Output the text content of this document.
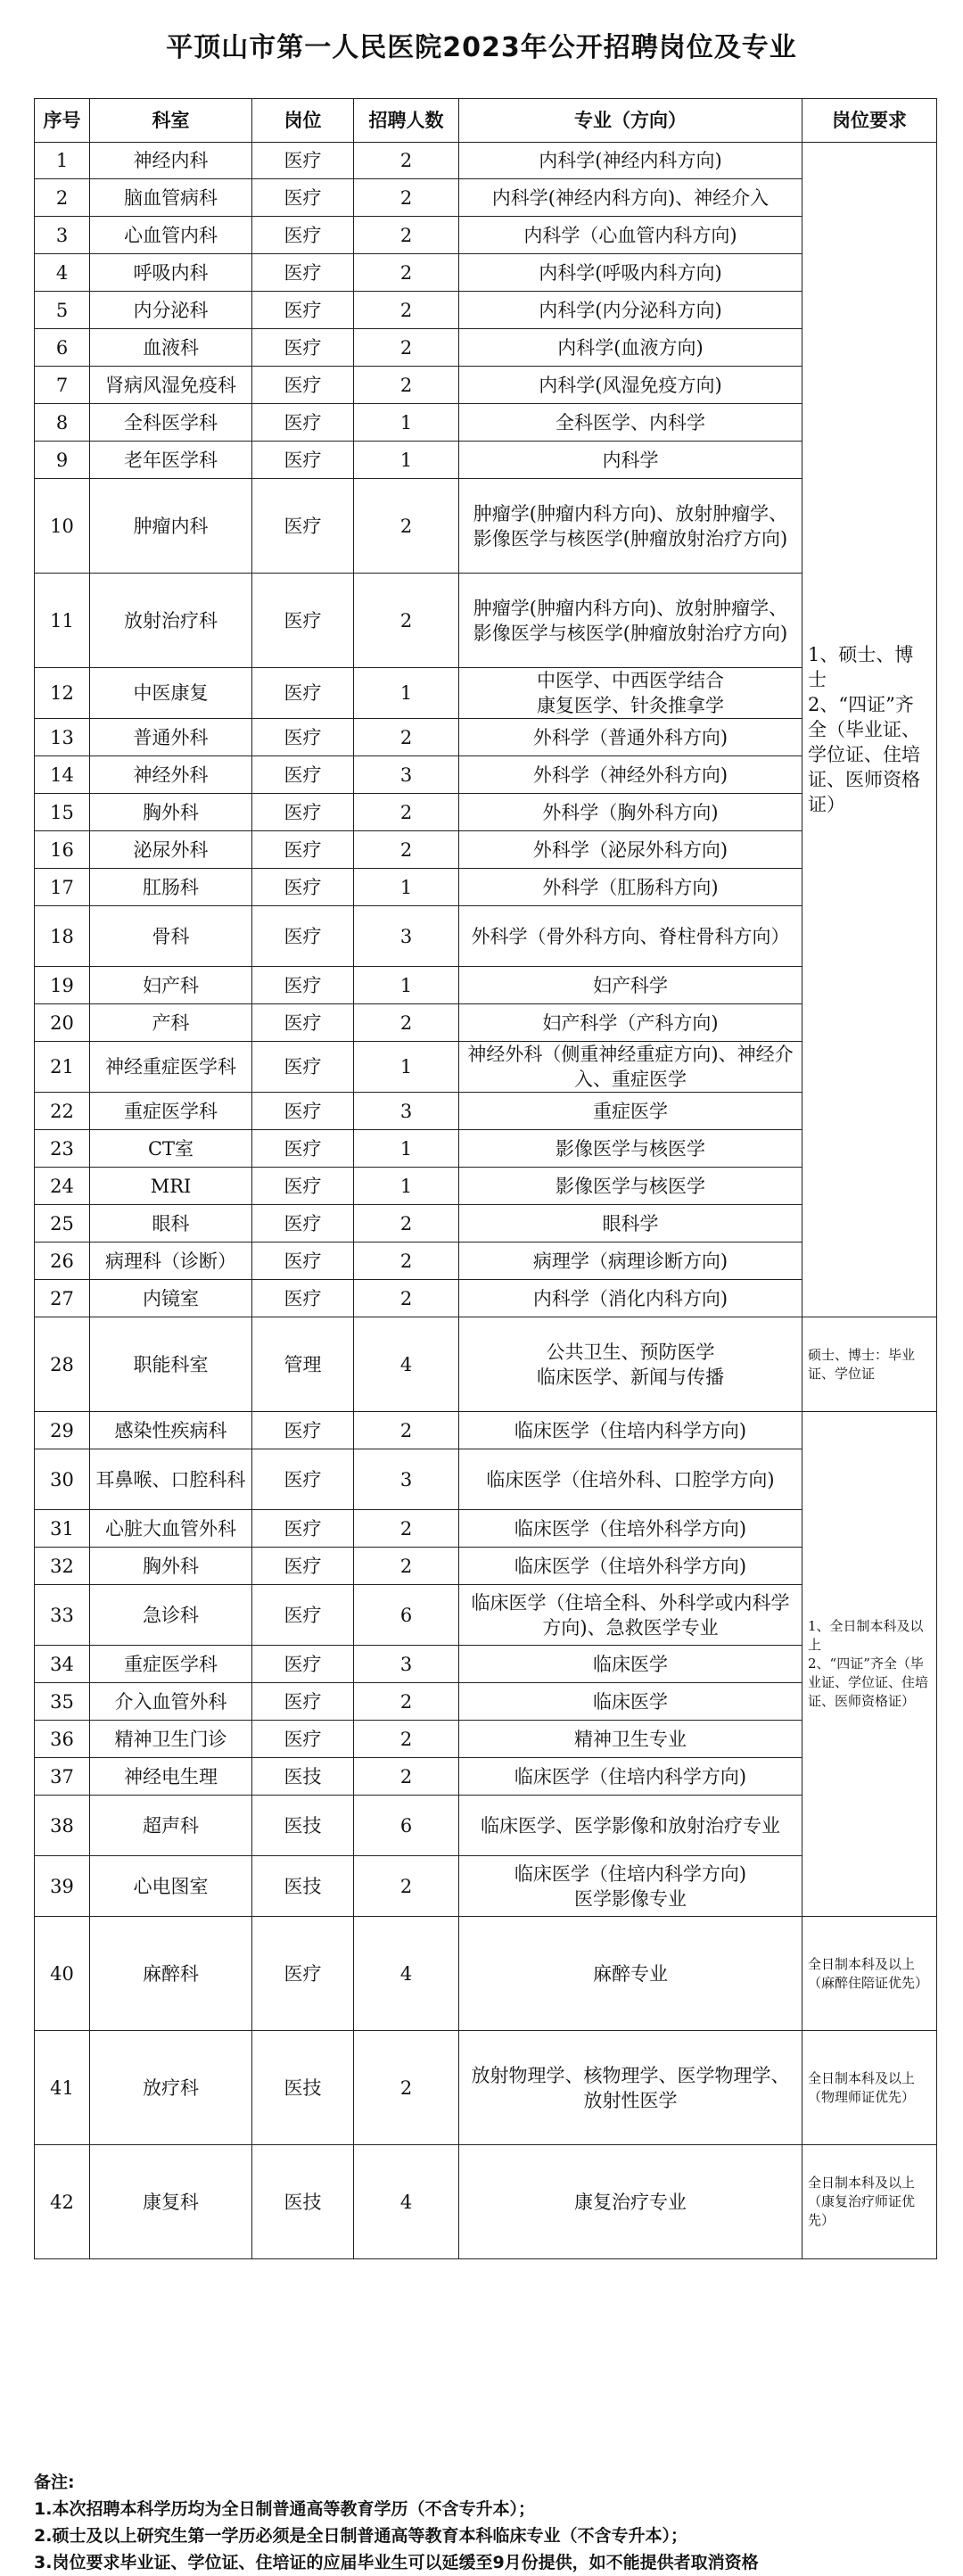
平顶山市第一人民医院2023年公开招聘岗位及专业
序号	科室	岗位	招聘人数	专业（方向）	岗位要求
1	神经内科	医疗	2	内科学(神经内科方向)	1、硕士、博士
2、“四证”齐全（毕业证、学位证、住培证、医师资格证）
2	脑血管病科	医疗	2	内科学(神经内科方向)、神经介入	
3	心血管内科	医疗	2	内科学（心血管内科方向)	
4	呼吸内科	医疗	2	内科学(呼吸内科方向)	
5	内分泌科	医疗	2	内科学(内分泌科方向)	
6	血液科	医疗	2	内科学(血液方向)	
7	肾病风湿免疫科	医疗	2	内科学(风湿免疫方向)	
8	全科医学科	医疗	1	全科医学、内科学	
9	老年医学科	医疗	1	内科学	
10	肿瘤内科	医疗	2	肿瘤学(肿瘤内科方向)、放射肿瘤学、影像医学与核医学(肿瘤放射治疗方向)	
11	放射治疗科	医疗	2	肿瘤学(肿瘤内科方向)、放射肿瘤学、影像医学与核医学(肿瘤放射治疗方向)	
12	中医康复	医疗	1	中医学、中西医学结合
康复医学、针灸推拿学	
13	普通外科	医疗	2	外科学（普通外科方向)	
14	神经外科	医疗	3	外科学（神经外科方向)	
15	胸外科	医疗	2	外科学（胸外科方向)	
16	泌尿外科	医疗	2	外科学（泌尿外科方向)	
17	肛肠科	医疗	1	外科学（肛肠科方向)	
18	骨科	医疗	3	外科学（骨外科方向、脊柱骨科方向）	
19	妇产科	医疗	1	妇产科学	
20	产科	医疗	2	妇产科学（产科方向)	
21	神经重症医学科	医疗	1	神经外科（侧重神经重症方向)、神经介入、重症医学	
22	重症医学科	医疗	3	重症医学	
23	CT室	医疗	1	影像医学与核医学	
24	MRI	医疗	1	影像医学与核医学	
25	眼科	医疗	2	眼科学	
26	病理科（诊断）	医疗	2	病理学（病理诊断方向)	
27	内镜室	医疗	2	内科学（消化内科方向)	
28	职能科室	管理	4	公共卫生、预防医学
临床医学、新闻与传播	硕士、博士：毕业证、学位证
29	感染性疾病科	医疗	2	临床医学（住培内科学方向)	1、全日制本科及以上
2、“四证”齐全（毕业证、学位证、住培证、医师资格证）
30	耳鼻喉、口腔科科	医疗	3	临床医学（住培外科、口腔学方向)	
31	心脏大血管外科	医疗	2	临床医学（住培外科学方向)	
32	胸外科	医疗	2	临床医学（住培外科学方向)	
33	急诊科	医疗	6	临床医学（住培全科、外科学或内科学方向)、急救医学专业	
34	重症医学科	医疗	3	临床医学	
35	介入血管外科	医疗	2	临床医学	
36	精神卫生门诊	医疗	2	精神卫生专业	
37	神经电生理	医技	2	临床医学（住培内科学方向)	
38	超声科	医技	6	临床医学、医学影像和放射治疗专业	
39	心电图室	医技	2	临床医学（住培内科学方向)
医学影像专业	
40	麻醉科	医疗	4	麻醉专业	全日制本科及以上（麻醉住陪证优先）
41	放疗科	医技	2	放射物理学、核物理学、医学物理学、放射性医学	全日制本科及以上（物理师证优先）
42	康复科	医技	4	康复治疗专业	全日制本科及以上（康复治疗师证优先）
备注:
1.本次招聘本科学历均为全日制普通高等教育学历（不含专升本）；
2.硕士及以上研究生第一学历必须是全日制普通高等教育本科临床专业（不含专升本）；
3.岗位要求毕业证、学位证、住培证的应届毕业生可以延缓至9月份提供，如不能提供者取消资格
